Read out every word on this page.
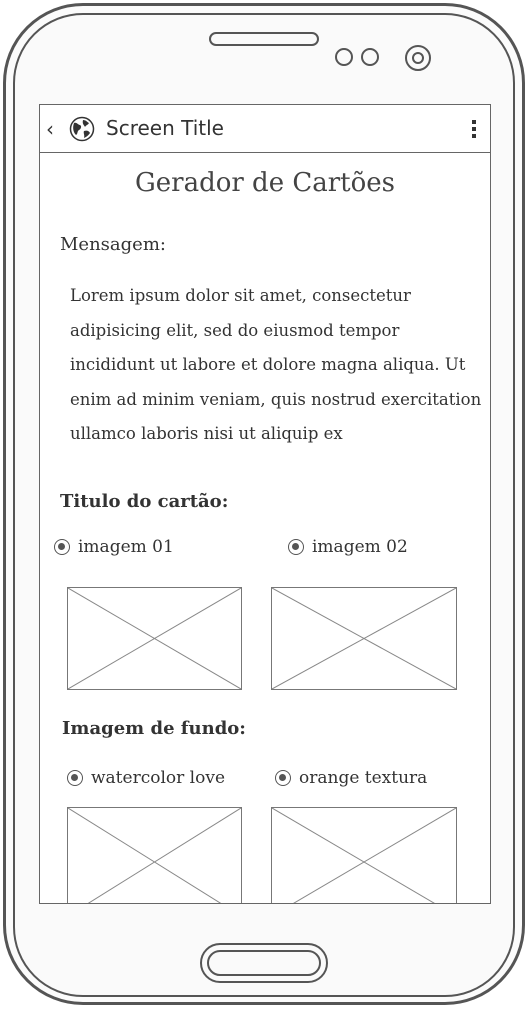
‹	Screen Title
Gerador de Cartões
Mensagem:
Lorem ipsum dolor sit amet, consectetur adipisicing elit, sed do eiusmod tempor incididunt ut labore et dolore magna aliqua. Ut enim ad minim veniam, quis nostrud exercitation ullamco laboris nisi ut aliquip ex
Titulo do cartão:
imagem 01	imagem 02
Imagem de fundo:
watercolor love	orange textura
